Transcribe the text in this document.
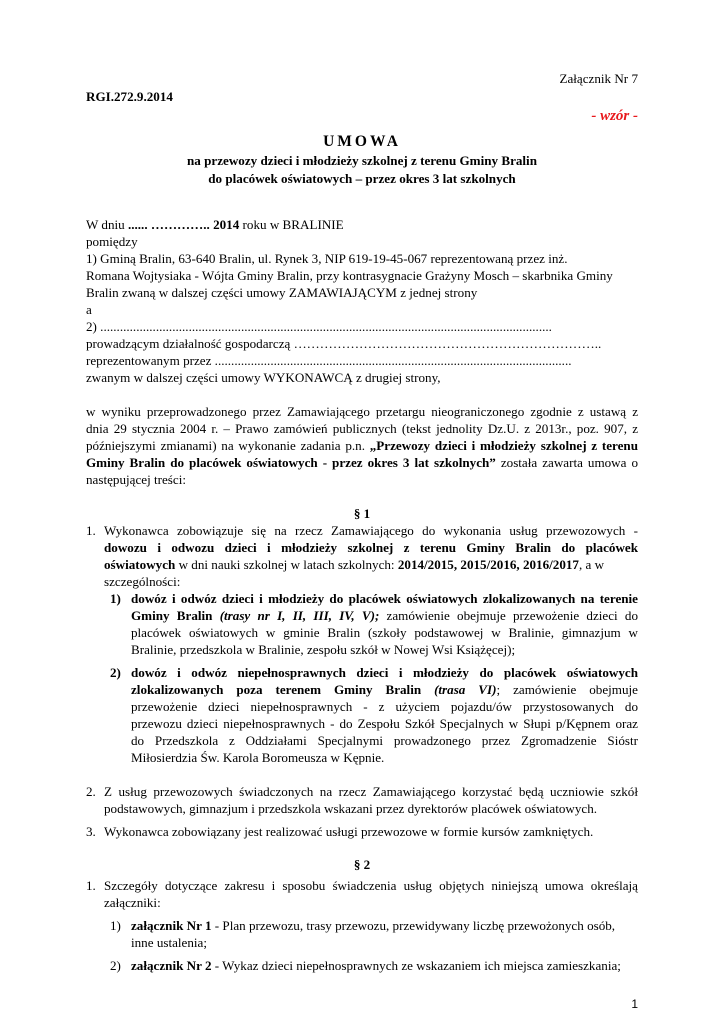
Załącznik Nr 7
RGI.272.9.2014
- wzór -
UMOWA
na przewozy dzieci i młodzieży szkolnej z terenu Gminy Bralin
do placówek oświatowych – przez okres 3 lat szkolnych
W dniu ...... ………….. 2014 roku w BRALINIE
pomiędzy
1) Gminą Bralin, 63-640 Bralin, ul. Rynek 3, NIP 619-19-45-067 reprezentowaną przez inż.
Romana Wojtysiaka - Wójta Gminy Bralin, przy kontrasygnacie Grażyny Mosch – skarbnika Gminy
Bralin zwaną w dalszej części umowy ZAMAWIAJĄCYM z jednej strony
a
2) ..........................................................................................................................................
prowadzącym działalność gospodarczą ……………………………………………………………..
reprezentowanym przez .............................................................................................................
zwanym w dalszej części umowy WYKONAWCĄ z drugiej strony,
w wyniku przeprowadzonego przez Zamawiającego przetargu nieograniczonego zgodnie z ustawą z
dnia 29 stycznia 2004 r. – Prawo zamówień publicznych (tekst jednolity Dz.U. z 2013r., poz. 907, z
późniejszymi zmianami) na wykonanie zadania p.n. „Przewozy dzieci i młodzieży szkolnej z terenu
Gminy Bralin do placówek oświatowych - przez okres 3 lat szkolnych” została zawarta umowa o
następującej treści:
§ 1
1. Wykonawca zobowiązuje się na rzecz Zamawiającego do wykonania usług przewozowych -
dowozu i odwozu dzieci i młodzieży szkolnej z terenu Gminy Bralin do placówek
oświatowych w dni nauki szkolnej w latach szkolnych: 2014/2015, 2015/2016, 2016/2017, a w
szczególności:
1) dowóz i odwóz dzieci i młodzieży do placówek oświatowych zlokalizowanych na terenie
Gminy Bralin (trasy nr I, II, III, IV, V); zamówienie obejmuje przewożenie dzieci do
placówek oświatowych w gminie Bralin (szkoły podstawowej w Bralinie, gimnazjum w
Bralinie, przedszkola w Bralinie, zespołu szkół w Nowej Wsi Książęcej);
2) dowóz i odwóz niepełnosprawnych dzieci i młodzieży do placówek oświatowych
zlokalizowanych poza terenem Gminy Bralin (trasa VI); zamówienie obejmuje
przewożenie dzieci niepełnosprawnych - z użyciem pojazdu/ów przystosowanych do
przewozu dzieci niepełnosprawnych - do Zespołu Szkół Specjalnych w Słupi p/Kępnem oraz
do Przedszkola z Oddziałami Specjalnymi prowadzonego przez Zgromadzenie Sióstr
Miłosierdzia Św. Karola Boromeusza w Kępnie.
2. Z usług przewozowych świadczonych na rzecz Zamawiającego korzystać będą uczniowie szkół
podstawowych, gimnazjum i przedszkola wskazani przez dyrektorów placówek oświatowych.
3. Wykonawca zobowiązany jest realizować usługi przewozowe w formie kursów zamkniętych.
§ 2
1. Szczegóły dotyczące zakresu i sposobu świadczenia usług objętych niniejszą umowa określają
załączniki:
1) załącznik Nr 1 - Plan przewozu, trasy przewozu, przewidywany liczbę przewożonych osób,
inne ustalenia;
2) załącznik Nr 2 - Wykaz dzieci niepełnosprawnych ze wskazaniem ich miejsca zamieszkania;
1
